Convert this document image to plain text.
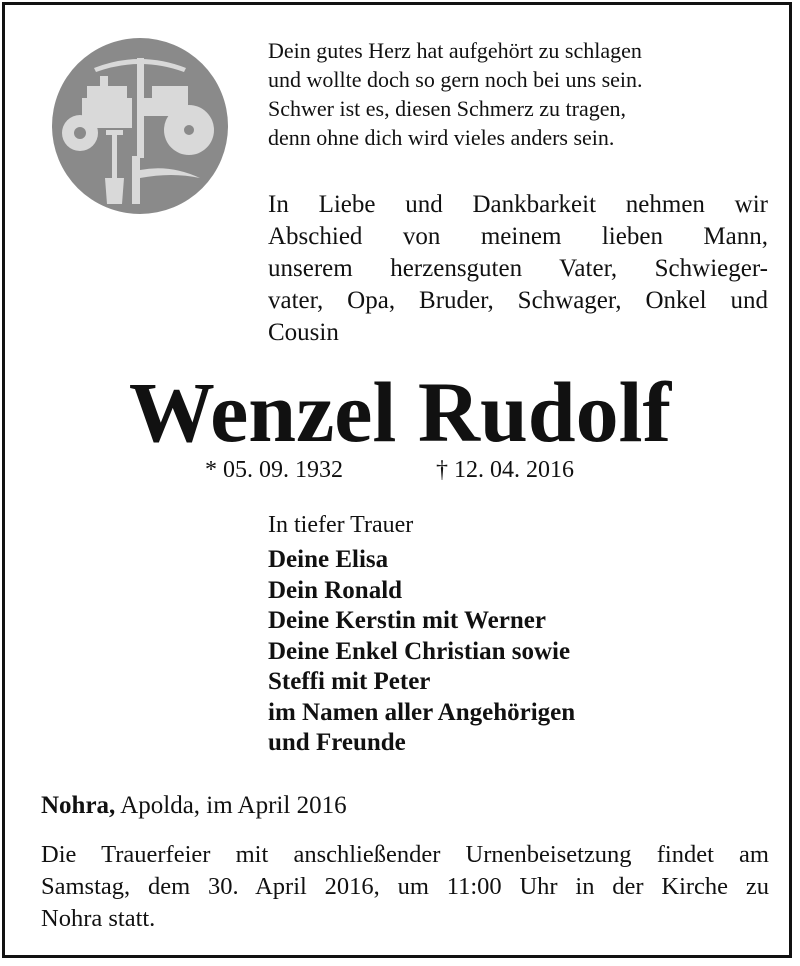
Dein gutes Herz hat aufgehört zu schlagen
und wollte doch so gern noch bei uns sein.
Schwer ist es, diesen Schmerz zu tragen,
denn ohne dich wird vieles anders sein.
In Liebe und Dankbarkeit nehmen wir
Abschied von meinem lieben Mann,
unserem herzensguten Vater, Schwieger-
vater, Opa, Bruder, Schwager, Onkel und
Cousin
Wenzel Rudolf
* 05. 09. 1932	† 12. 04. 2016
In tiefer Trauer
Deine Elisa
Dein Ronald
Deine Kerstin mit Werner
Deine Enkel Christian sowie
Steffi mit Peter
im Namen aller Angehörigen
und Freunde
Nohra, Apolda, im April 2016
Die Trauerfeier mit anschließender Urnenbeisetzung findet am
Samstag, dem 30. April 2016, um 11:00 Uhr in der Kirche zu
Nohra statt.
